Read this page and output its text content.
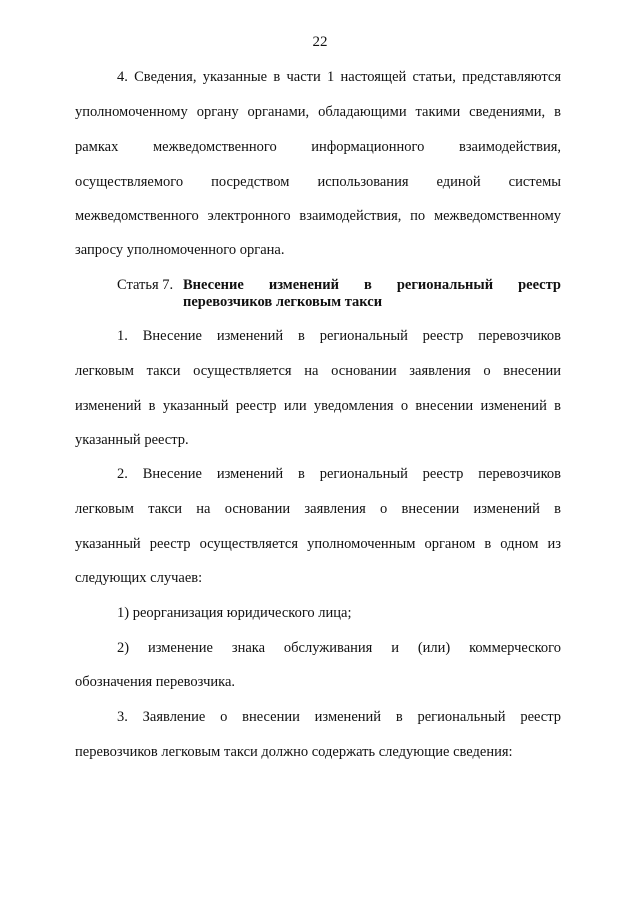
22
4. Сведения, указанные в части 1 настоящей статьи, представляются
уполномоченному органу органами, обладающими такими сведениями, в
рамках межведомственного информационного взаимодействия,
осуществляемого посредством использования единой системы
межведомственного электронного взаимодействия, по межведомственному
запросу уполномоченного органа.
Статья 7. Внесение изменений в региональный реестр
перевозчиков легковым такси
1. Внесение изменений в региональный реестр перевозчиков
легковым такси осуществляется на основании заявления о внесении
изменений в указанный реестр или уведомления о внесении изменений в
указанный реестр.
2. Внесение изменений в региональный реестр перевозчиков
легковым такси на основании заявления о внесении изменений в
указанный реестр осуществляется уполномоченным органом в одном из
следующих случаев:
1) реорганизация юридического лица;
2) изменение знака обслуживания и (или) коммерческого
обозначения перевозчика.
3. Заявление о внесении изменений в региональный реестр
перевозчиков легковым такси должно содержать следующие сведения:
